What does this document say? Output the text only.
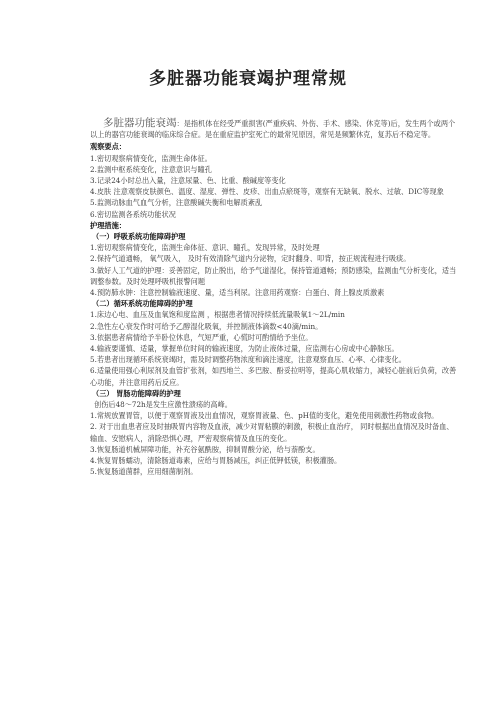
多脏器功能衰竭护理常规

多脏器功能衰竭：是指机体在经受严重损害(严重疾病、外伤、手术、感染、休克等)后，发生两个或两个以上的器官功能衰竭的临床综合症。是在重症监护室死亡的最常见原因，常见是频繁休克，复苏后不稳定等。

观察要点：

1.密切观察病情变化，监测生命体征。

2.监测中枢系统变化，注意意识与瞳孔

3.记录24小时总出入量，注意尿量、色、比重、酸碱度等变化

4.皮肤 注意观察皮肤颜色、温度、湿度、弹性、皮疹、出血点瘀斑等，观察有无缺氧、脱水、过敏、DIC等现象

5.监测动脉血气血气分析，注意酸碱失衡和电解质紊乱

6.密切监测各系统功能状况

护理措施：

（一）呼吸系统功能障碍护理

1.密切观察病情变化，监测生命体征、意识、瞳孔，发现异常，及时处理

2.保持气道通畅， 氧气吸入， 及时有效清除气道内分泌物，定时翻身、叩背，按正规流程进行吸痰。

3.做好人工气道的护理：妥善固定，防止脱出，给予气道湿化，保持管道通畅；预防感染，监测血气分析变化，适当调整参数。及时处理呼吸机报警问题

4.预防肺水肿：注意控制输液速度、量，适当利尿。注意用药观察：白蛋白、肾上腺皮质激素

（二）循环系统功能障碍的护理

1.床边心电、血压及血氧饱和度监测 ，根据患者情况持续低流量吸氧1～2L/min

2.急性左心衰发作时可给予乙醇湿化吸氧，并控制液体滴数<40滴/min。

3.依据患者病情给予半卧位休息，气短严重，心慌时可酌情给予坐位。

4.输液要谨慎、适量，掌握单位时间的输液速度，为防止液体过量，应监测右心房或中心静脉压。

5.若患者出现循环系统衰竭时，需及时调整药物浓度和滴注速度，注意观察血压、心率、心律变化。

6.适量使用强心利尿剂及血管扩张剂，如西地兰、多巴胺、酚妥拉明等，提高心肌收缩力，减轻心脏前后负荷，改善心功能，并注意用药后反应。

（三） 胃肠功能障碍的护理

创伤后48～72h是发生应激性溃疡的高峰。

1.常规放置胃管，以便于观察胃液及出血情况，观察胃液量、色、pH值的变化，避免使用刺激性药物或食物。

2. 对于出血患者应及时抽吸胃内容物及血液，减少对胃粘膜的刺激，积极止血治疗， 同时根据出血情况及时备血、输血、安慰病人，消除恐惧心理，严密观察病情及血压的变化。

3.恢复肠道机械屏障功能，补充谷氨酰胺，抑制胃酸分泌，给与萘酚支。

4.恢复胃肠蠕动，清除肠道毒素，应给与胃肠减压，纠正低钾低镁，积极灌肠。

5.恢复肠道菌群，应用细菌制剂。
